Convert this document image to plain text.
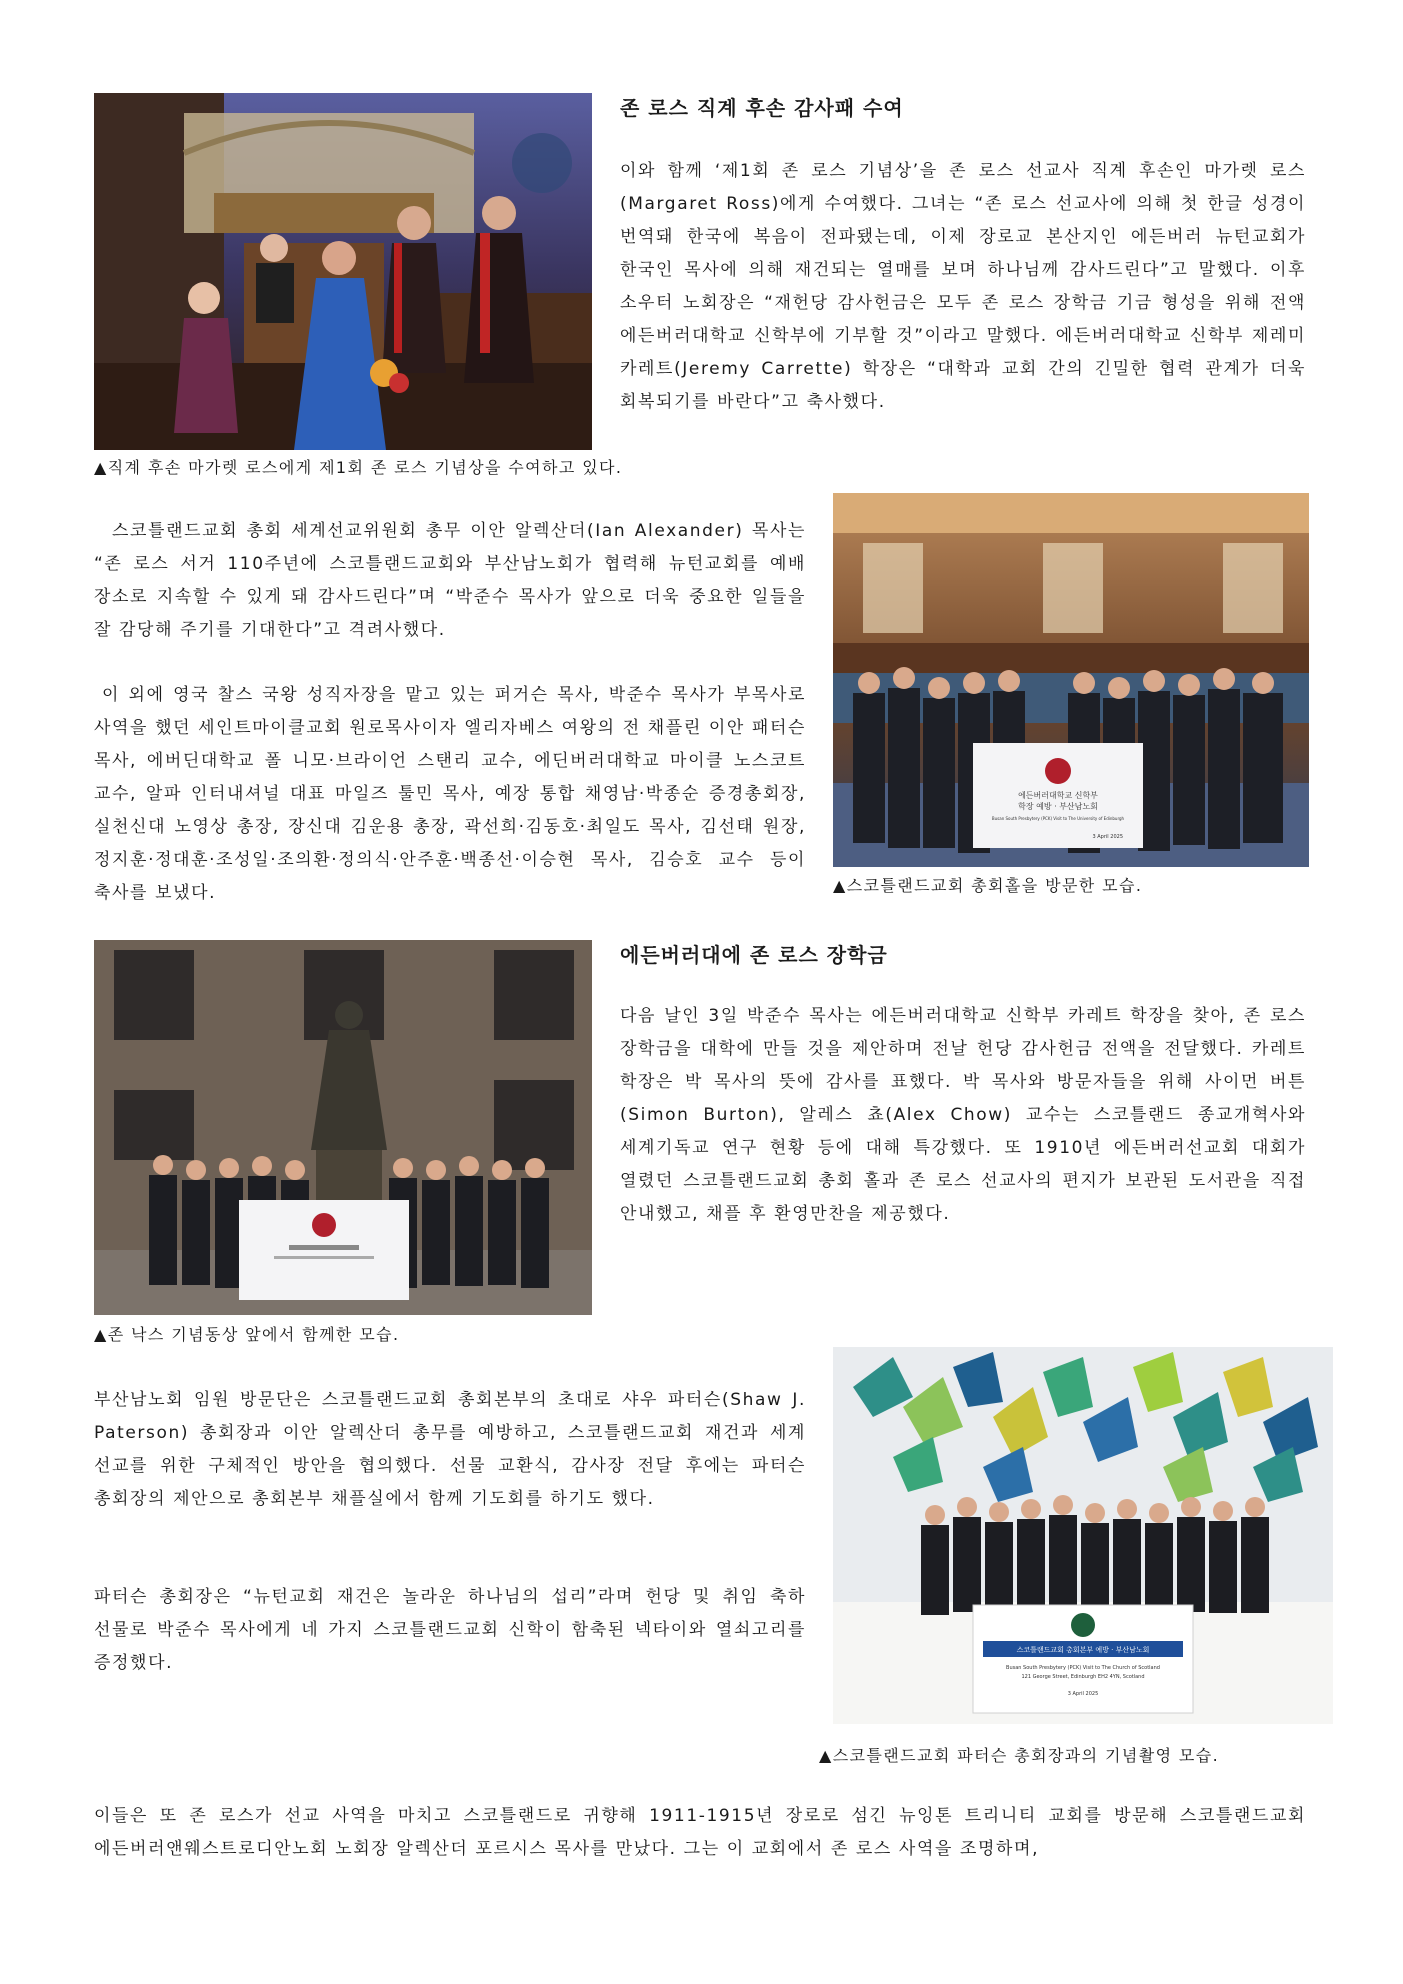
존 로스 직계 후손 감사패 수여

이와 함께 ‘제1회 존 로스 기념상’을 존 로스 선교사 직계 후손인 마가렛 로스(Margaret Ross)에게 수여했다. 그녀는 “존 로스 선교사에 의해 첫 한글 성경이 번역돼 한국에 복음이 전파됐는데, 이제 장로교 본산지인 에든버러 뉴턴교회가 한국인 목사에 의해 재건되는 열매를 보며 하나님께 감사드린다”고 말했다. 이후 소우터 노회장은 “재헌당 감사헌금은 모두 존 로스 장학금 기금 형성을 위해 전액 에든버러대학교 신학부에 기부할 것”이라고 말했다. 에든버러대학교 신학부 제레미 카레트(Jeremy Carrette) 학장은 “대학과 교회 간의 긴밀한 협력 관계가 더욱 회복되기를 바란다”고 축사했다.

▲직계 후손 마가렛 로스에게 제1회 존 로스 기념상을 수여하고 있다.

에든버러대학교 신학부
학장 예방 · 부산남노회
Busan South Presbytery (PCK) Visit to The University of Edinburgh
3 April 2025

스코틀랜드교회 총회 세계선교위원회 총무 이안 알렉산더(Ian Alexander) 목사는 “존 로스 서거 110주년에 스코틀랜드교회와 부산남노회가 협력해 뉴턴교회를 예배 장소로 지속할 수 있게 돼 감사드린다”며 “박준수 목사가 앞으로 더욱 중요한 일들을 잘 감당해 주기를 기대한다”고 격려사했다.

이 외에 영국 찰스 국왕 성직자장을 맡고 있는 퍼거슨 목사, 박준수 목사가 부목사로 사역을 했던 세인트마이클교회 원로목사이자 엘리자베스 여왕의 전 채플린 이안 패터슨 목사, 에버딘대학교 폴 니모·브라이언 스탠리 교수, 에딘버러대학교 마이클 노스코트 교수, 알파 인터내셔널 대표 마일즈 툴민 목사, 예장 통합 채영남·박종순 증경총회장, 실천신대 노영상 총장, 장신대 김운용 총장, 곽선희·김동호·최일도 목사, 김선태 원장, 정지훈·정대훈·조성일·조의환·정의식·안주훈·백종선·이승현 목사, 김승호 교수 등이 축사를 보냈다.	▲스코틀랜드교회 총회홀을 방문한 모습.

에든버러대에 존 로스 장학금

다음 날인 3일 박준수 목사는 에든버러대학교 신학부 카레트 학장을 찾아, 존 로스 장학금을 대학에 만들 것을 제안하며 전날 헌당 감사헌금 전액을 전달했다. 카레트 학장은 박 목사의 뜻에 감사를 표했다. 박 목사와 방문자들을 위해 사이먼 버튼(Simon Burton), 알레스 쵸(Alex Chow) 교수는 스코틀랜드 종교개혁사와 세계기독교 연구 현황 등에 대해 특강했다. 또 1910년 에든버러선교회 대회가 열렸던 스코틀랜드교회 총회 홀과 존 로스 선교사의 편지가 보관된 도서관을 직접 안내했고, 채플 후 환영만찬을 제공했다.

▲존 낙스 기념동상 앞에서 함께한 모습.

스코틀랜드교회 총회본부 예방 · 부산남노회
Busan South Presbytery (PCK) Visit to The Church of Scotland
121 George Street, Edinburgh EH2 4YN, Scotland
3 April 2025

부산남노회 임원 방문단은 스코틀랜드교회 총회본부의 초대로 샤우 파터슨(Shaw J. Paterson) 총회장과 이안 알렉산더 총무를 예방하고, 스코틀랜드교회 재건과 세계 선교를 위한 구체적인 방안을 협의했다. 선물 교환식, 감사장 전달 후에는 파터슨 총회장의 제안으로 총회본부 채플실에서 함께 기도회를 하기도 했다.

파터슨 총회장은 “뉴턴교회 재건은 놀라운 하나님의 섭리”라며 헌당 및 취임 축하 선물로 박준수 목사에게 네 가지 스코틀랜드교회 신학이 함축된 넥타이와 열쇠고리를 증정했다.

▲스코틀랜드교회 파터슨 총회장과의 기념촬영 모습.

이들은 또 존 로스가 선교 사역을 마치고 스코틀랜드로 귀향해 1911-1915년 장로로 섬긴 뉴잉톤 트리니티 교회를 방문해 스코틀랜드교회 에든버러앤웨스트로디안노회 노회장 알렉산더 포르시스 목사를 만났다. 그는 이 교회에서 존 로스 사역을 조명하며,
